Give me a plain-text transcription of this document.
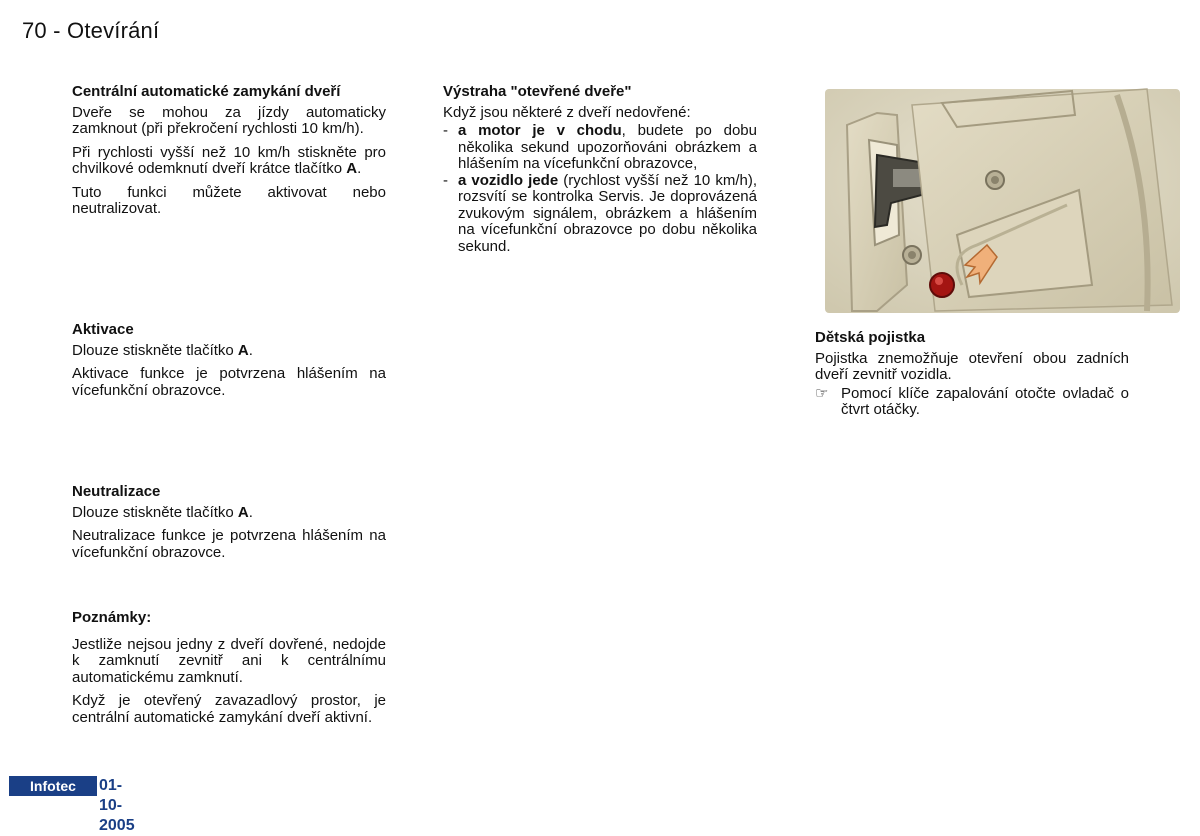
70 - Otevírání
Centrální automatické zamykání dveří

Dveře se mohou za jízdy automaticky zamknout (při překročení rychlosti 10 km/h).

Při rychlosti vyšší než 10 km/h stiskněte pro chvilkové odemknutí dveří krátce tlačítko A.

Tuto funkci můžete aktivovat nebo neutralizovat.

Aktivace

Dlouze stiskněte tlačítko A.

Aktivace funkce je potvrzena hlášením na vícefunkční obrazovce.

Neutralizace

Dlouze stiskněte tlačítko A.

Neutralizace funkce je potvrzena hlášením na vícefunkční obrazovce.

Poznámky:

Jestliže nejsou jedny z dveří dovřené, nedojde k zamknutí zevnitř ani k centrálnímu automatickému zamknutí.

Když je otevřený zavazadlový prostor, je centrální automatické zamykání dveří aktivní.

Výstraha "otevřené dveře"

Když jsou některé z dveří nedovřené:

- a motor je v chodu, budete po dobu několika sekund upozorňováni obrázkem a hlášením na vícefunkční obrazovce,
- a vozidlo jede (rychlost vyšší než 10 km/h), rozsvítí se kontrolka Servis. Je doprovázená zvukovým signálem, obrázkem a hlášením na vícefunkční obrazovce po dobu několika sekund.
Dětská pojistka

Pojistka znemožňuje otevření obou zadních dveří zevnitř vozidla.

☞ Pomocí klíče zapalování otočte ovladač o čtvrt otáčky.
Infotec	01-10-2005
